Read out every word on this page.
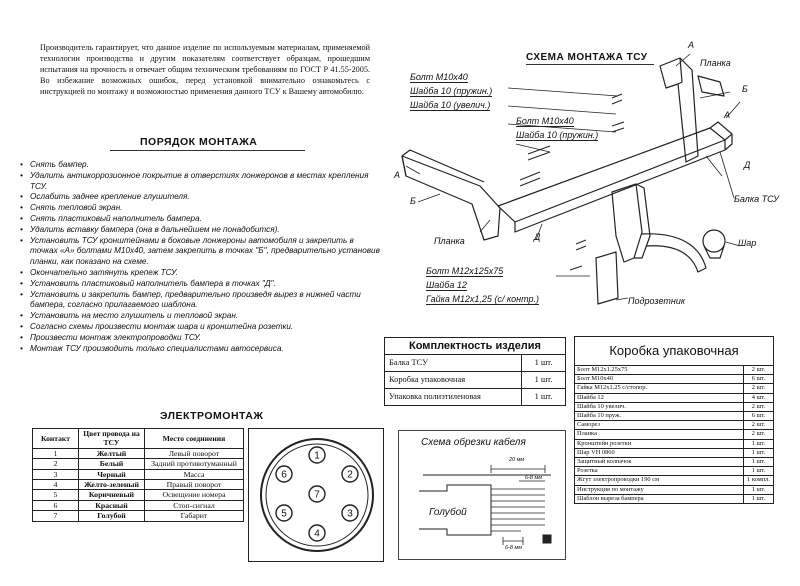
Производитель гарантирует, что данное изделие по используемым материалам, применяемой технологии производства и другим показателям соответствует образцам, прошедшим испытания на прочность и отвечает общим техническим требованиям по ГОСТ Р 41.55-2005. Во избежание возможных ошибок, перед установкой внимательно ознакомьтесь с инструкцией по монтажу и возможностью применения данного ТСУ к Вашему автомобилю.

ПОРЯДОК МОНТАЖА
• Снять бампер.
• Удалить антикоррозионное покрытие в отверстиях лонжеронов в местах крепления ТСУ.
• Ослабить заднее крепление глушителя.
• Снять тепловой экран.
• Снять пластиковый наполнитель бампера.
• Удалить вставку бампера (она в дальнейшем не понадобится).
• Установить ТСУ кронштейнами в боковые лонжероны автомобиля и закрепить в точках «А» болтами М10х40, затем закрепить в точках "Б", предварительно установив планки, как показано на схеме.
• Окончательно затянуть крепеж ТСУ.
• Установить пластиковый наполнитель бампера в точках "Д".
• Установить и закрепить бампер, предварительно произведя вырез в нижней части бампера, согласно прилагаемого шаблона.
• Установить на место глушитель и тепловой экран.
• Согласно схемы произвести монтаж шара и кронштейна розетки.
• Произвести монтаж электропроводки ТСУ.
• Монтаж ТСУ производить только специалистами автосервиса.
ЭЛЕКТРОМОНТАЖ
Контакт	Цвет провода на ТСУ	Место соединения
1	Желтый	Левый поворот
2	Белый	Задний противотуманный
3	Черный	Масса
4	Желто-зеленый	Правый поворот
5	Коричневый	Освещение номера
6	Красный	Стоп-сигнал
7	Голубой	Габарит
1
2
3
4
5
6
7
СХЕМА МОНТАЖА ТСУ
Болт М10х40
Шайба 10 (пружин.)
Шайба 10 (увелич.)
Болт М10х40
Шайба 10 (пружин.)
Болт М12х125х75
Шайба 12
Гайка М12х1,25 (с/ контр.)
А
Планка
Б
А
Д
Балка ТСУ
Шар
Подрозетник
А
Б
Планка	Д
Комплектность изделия	
Балка ТСУ	1 шт.
Коробка упаковочная	1 шт.
Упаковка полиэтиленовая	1 шт.
Схема обрезки кабеля
20 мм
6-8 мм
6-8 мм
Голубой
Коробка упаковочная	
Болт М12х1.25х75	2 шт.
Болт М10х40	6 шт.
Гайка М12х1.25 с/стопор.	2 шт.
Шайба 12	4 шт.
Шайба 10 увелич.	2 шт.
Шайба 10 пруж.	6 шт.
Саморез	2 шт.
Планка	2 шт.
Кронштейн розетки	1 шт.
Шар VH 0860	1 шт.
Защитный колпачок	1 шт.
Розетка	1 шт.
Жгут электропроводки 190 см	1 компл.
Инструкция по монтажу	1 шт.
Шаблон выреза бампера	1 шт.
